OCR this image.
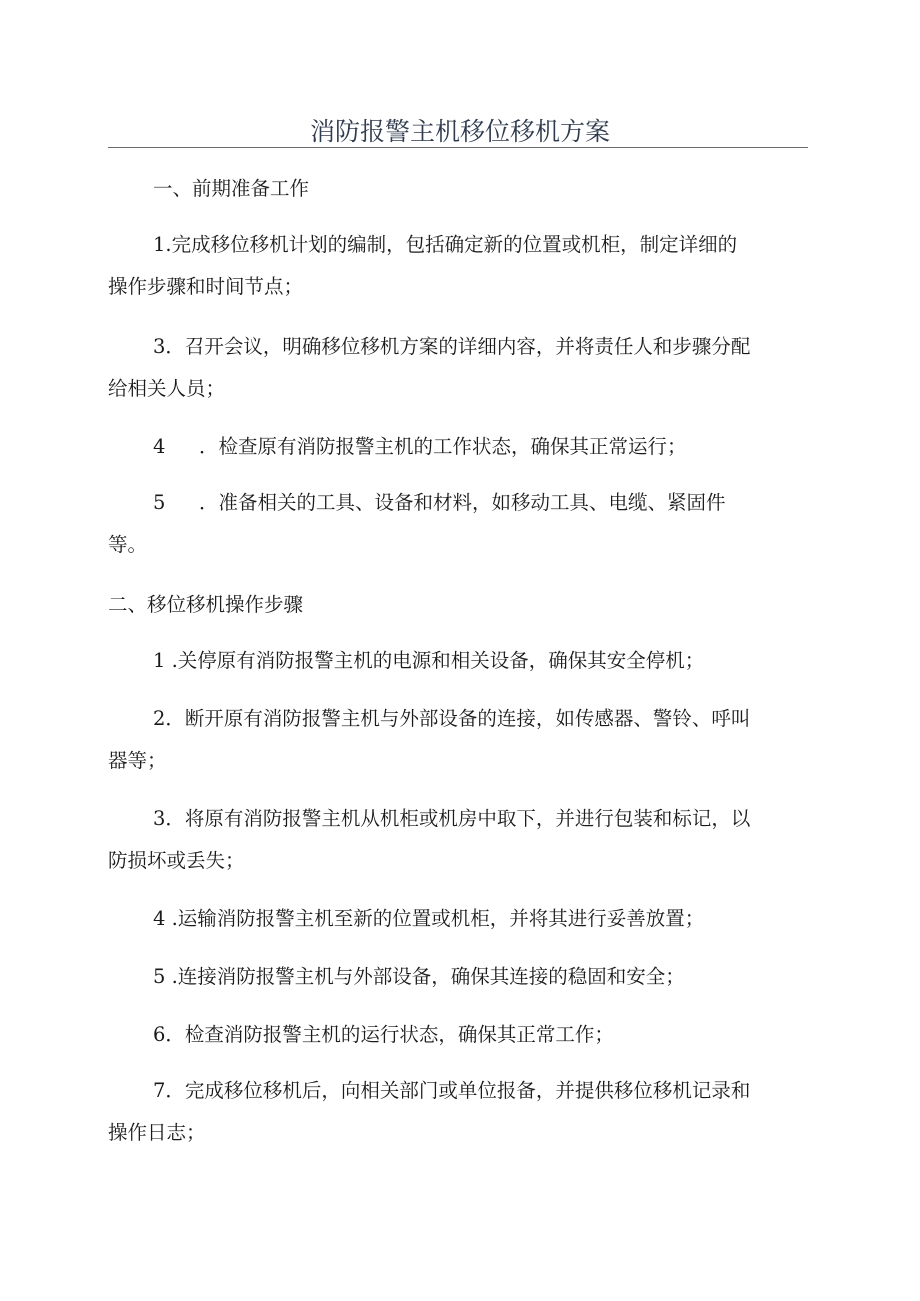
消防报警主机移位移机方案
一、前期准备工作
1.完成移位移机计划的编制，包括确定新的位置或机柜，制定详细的
操作步骤和时间节点；
3．召开会议，明确移位移机方案的详细内容，并将责任人和步骤分配
给相关人员；
4 ．检查原有消防报警主机的工作状态，确保其正常运行；
5 ．准备相关的工具、设备和材料，如移动工具、电缆、紧固件
等。
二、移位移机操作步骤
1 .关停原有消防报警主机的电源和相关设备，确保其安全停机；
2．断开原有消防报警主机与外部设备的连接，如传感器、警铃、呼叫
器等；
3．将原有消防报警主机从机柜或机房中取下，并进行包装和标记，以
防损坏或丢失；
4 .运输消防报警主机至新的位置或机柜，并将其进行妥善放置；
5 .连接消防报警主机与外部设备，确保其连接的稳固和安全；
6．检查消防报警主机的运行状态，确保其正常工作；
7．完成移位移机后，向相关部门或单位报备，并提供移位移机记录和
操作日志；
